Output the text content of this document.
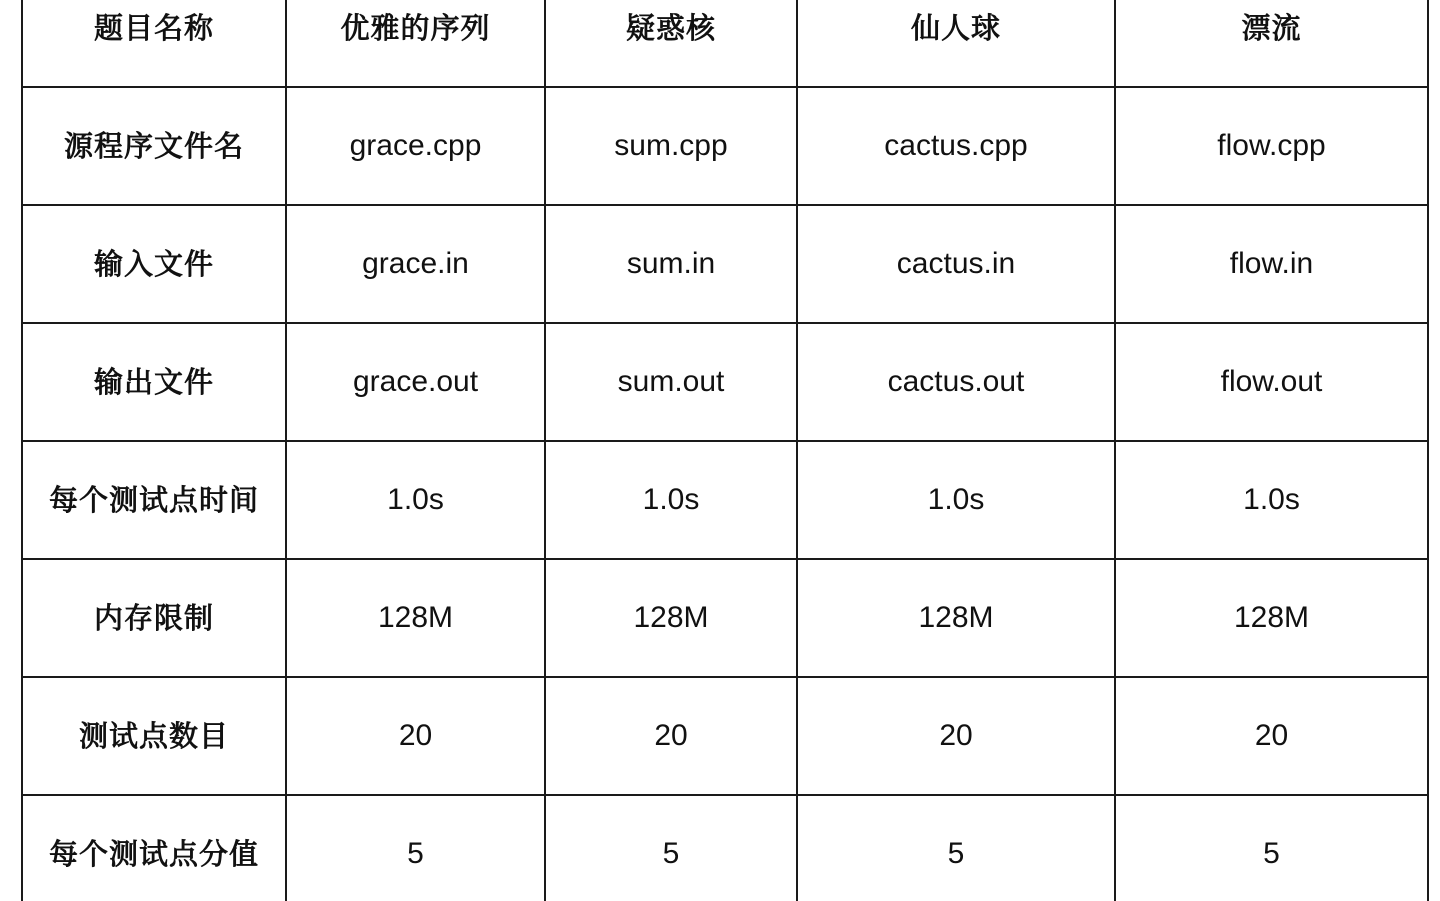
题目名称	优雅的序列	疑惑核	仙人球	漂流
源程序文件名	grace.cpp	sum.cpp	cactus.cpp	flow.cpp
输入文件	grace.in	sum.in	cactus.in	flow.in
输出文件	grace.out	sum.out	cactus.out	flow.out
每个测试点时间	1.0s	1.0s	1.0s	1.0s
内存限制	128M	128M	128M	128M
测试点数目	20	20	20	20
每个测试点分值	5	5	5	5
